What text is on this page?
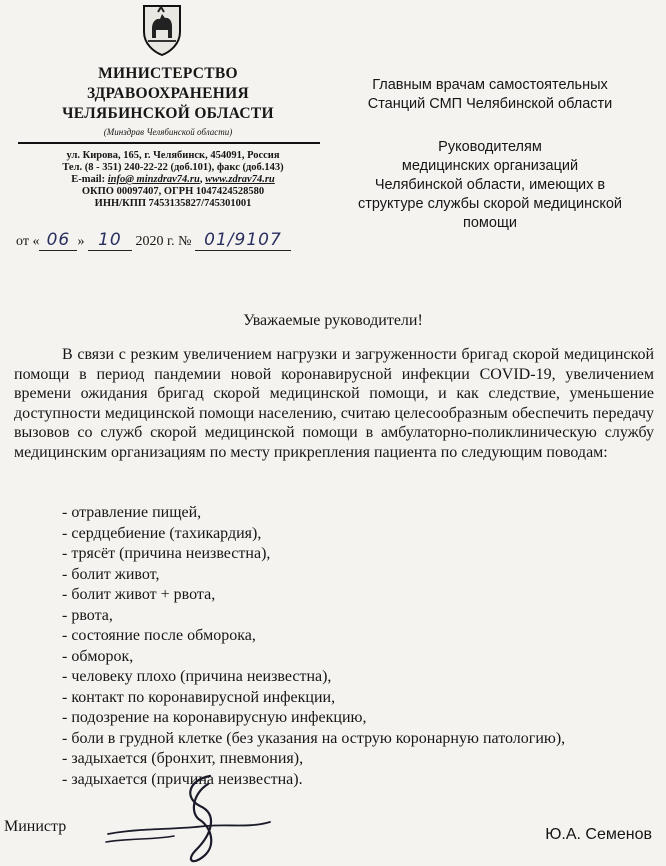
МИНИСТЕРСТВО
ЗДРАВООХРАНЕНИЯ
ЧЕЛЯБИНСКОЙ ОБЛАСТИ
(Минздрав Челябинской области)
ул. Кирова, 165, г. Челябинск, 454091, Россия
Тел. (8 - 351) 240-22-22 (доб.101), факс (доб.143)
E-mail: info@ minzdrav74.ru, www.zdrav74.ru
ОКПО 00097407, ОГРН 1047424528580
ИНН/КПП 7453135827/745301001
от « 06 » 10 2020 г. № 01/9107
Главным врачам самостоятельных
Станций СМП Челябинской области
Руководителям
медицинских организаций
Челябинской области, имеющих в
структуре службы скорой медицинской
помощи
Уважаемые руководители!
В связи с резким увеличением нагрузки и загруженности бригад скорой медицинской помощи в период пандемии новой коронавирусной инфекции COVID-19, увеличением времени ожидания бригад скорой медицинской помощи, и как следствие, уменьшение доступности медицинской помощи населению, считаю целесообразным обеспечить передачу вызовов со служб скорой медицинской помощи в амбулаторно-поликлиническую службу медицинским организациям по месту прикрепления пациента по следующим поводам:
- отравление пищей,
- сердцебиение (тахикардия),
- трясёт (причина неизвестна),
- болит живот,
- болит живот + рвота,
- рвота,
- состояние после обморока,
- обморок,
- человеку плохо (причина неизвестна),
- контакт по коронавирусной инфекции,
- подозрение на коронавирусную инфекцию,
- боли в грудной клетке (без указания на острую коронарную патологию),
- задыхается (бронхит, пневмония),
- задыхается (причина неизвестна).
Министр	Ю.А. Семенов
